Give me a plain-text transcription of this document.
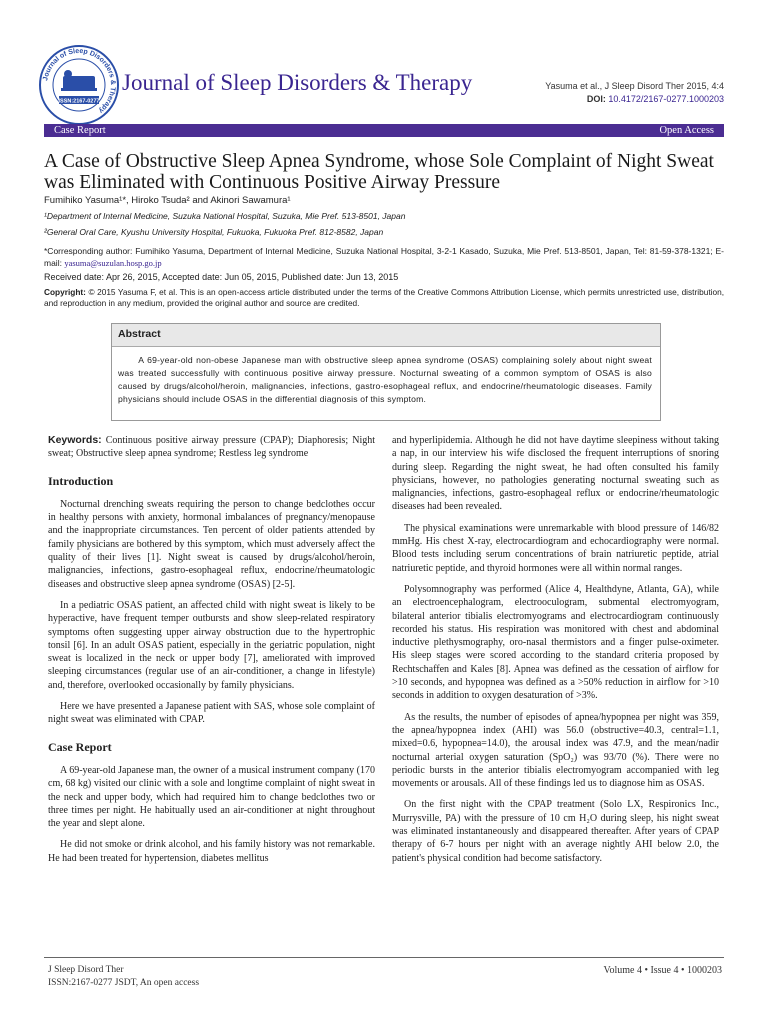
Journal of Sleep Disorders & Therapy
ISSN:2167-0277
Journal of Sleep Disorders & Therapy	Yasuma et al., J Sleep Disord Ther 2015, 4:4
DOI: 10.4172/2167-0277.1000203
Case Report	Open Access
A Case of Obstructive Sleep Apnea Syndrome, whose Sole Complaint of Night Sweat was Eliminated with Continuous Positive Airway Pressure
Fumihiko Yasuma¹*, Hiroko Tsuda² and Akinori Sawamura¹
¹Department of Internal Medicine, Suzuka National Hospital, Suzuka, Mie Pref. 513-8501, Japan
²General Oral Care, Kyushu University Hospital, Fukuoka, Fukuoka Pref. 812-8582, Japan
*Corresponding author: Fumihiko Yasuma, Department of Internal Medicine, Suzuka National Hospital, 3-2-1 Kasado, Suzuka, Mie Pref. 513-8501, Japan, Tel: 81-59-378-1321; E-mail: yasuma@suzulan.hosp.go.jp
Received date: Apr 26, 2015, Accepted date: Jun 05, 2015, Published date: Jun 13, 2015
Copyright: © 2015 Yasuma F, et al. This is an open-access article distributed under the terms of the Creative Commons Attribution License, which permits unrestricted use, distribution, and reproduction in any medium, provided the original author and source are credited.
Abstract
A 69-year-old non-obese Japanese man with obstructive sleep apnea syndrome (OSAS) complaining solely about night sweat was treated successfully with continuous positive airway pressure. Nocturnal sweating of a common symptom of OSAS is also caused by drugs/alcohol/heroin, malignancies, infections, gastro-esophageal reflux, and endocrine/rheumatologic diseases. Family physicians should include OSAS in the differential diagnosis of this symptom.

Keywords: Continuous positive airway pressure (CPAP); Diaphoresis; Night sweat; Obstructive sleep apnea syndrome; Restless leg syndrome

Introduction

Nocturnal drenching sweats requiring the person to change bedclothes occur in healthy persons with anxiety, hormonal imbalances of pregnancy/menopause and the inappropriate circumstances. Ten percent of older patients attended by family physicians are bothered by this symptom, which must adversely affect the quality of their lives [1]. Night sweat is caused by drugs/alcohol/heroin, malignancies, infections, gastro-esophageal reflux, endocrine/rheumatologic diseases and obstructive sleep apnea syndrome (OSAS) [2-5].

In a pediatric OSAS patient, an affected child with night sweat is likely to be hyperactive, have frequent temper outbursts and show sleep-related respiratory symptoms often suggesting upper airway obstruction due to the hypertrophic tonsil [6]. In an adult OSAS patient, especially in the geriatric population, night sweat is localized in the neck or upper body [7], ameliorated with improved sleeping circumstances (regular use of an air-conditioner, a change in lifestyle) and, therefore, overlooked occasionally by family physicians.

Here we have presented a Japanese patient with SAS, whose sole complaint of night sweat was eliminated with CPAP.

Case Report

A 69-year-old Japanese man, the owner of a musical instrument company (170 cm, 68 kg) visited our clinic with a sole and longtime complaint of night sweat in the neck and upper body, which had required him to change bedclothes two or three times per night. He habitually used an air-conditioner at night throughout the year and slept alone.

He did not smoke or drink alcohol, and his family history was not remarkable. He had been treated for hypertension, diabetes mellitus

and hyperlipidemia. Although he did not have daytime sleepiness without taking a nap, in our interview his wife disclosed the frequent interruptions of snoring during sleep. Regarding the night sweat, he had often consulted his family physicians, however, no pathologies generating nocturnal sweating such as malignancies, infections, gastro-esophageal reflux or endocrine/rheumatologic diseases had been revealed.

The physical examinations were unremarkable with blood pressure of 146/82 mmHg. His chest X-ray, electrocardiogram and echocardiography were normal. Blood tests including serum concentrations of brain natriuretic peptide, atrial natriuretic peptide, and thyroid hormones were all within normal ranges.

Polysomnography was performed (Alice 4, Healthdyne, Atlanta, GA), while an electroencephalogram, electrooculogram, submental electromyogram, bilateral anterior tibialis electromyograms and electrocardiogram continuously recorded his status. His respiration was monitored with chest and abdominal inductive plethysmography, oro-nasal thermistors and a finger pulse-oximeter. His sleep stages were scored according to the standard criteria proposed by Rechtschaffen and Kales [8]. Apnea was defined as the cessation of airflow for >10 seconds, and hypopnea was defined as a >50% reduction in airflow for >10 seconds in addition to oxygen desaturation of >3%.

As the results, the number of episodes of apnea/hypopnea per night was 359, the apnea/hypopnea index (AHI) was 56.0 (obstructive=40.3, central=1.1, mixed=0.6, hypopnea=14.0), the arousal index was 47.9, and the mean/nadir nocturnal arterial oxygen saturation (SpO₂) was 93/70 (%). There were no periodic bursts in the anterior tibialis electromyogram accompanied with leg movements or arousals. All of these findings led us to diagnose him as OSAS.

On the first night with the CPAP treatment (Solo LX, Respironics Inc., Murrysville, PA) with the pressure of 10 cm H₂O during sleep, his night sweat was eliminated instantaneously and disappeared thereafter. After years of CPAP therapy of 6-7 hours per night with an average nightly AHI below 2.0, the patient's physical condition had become satisfactory.

J Sleep Disord Ther
ISSN:2167-0277 JSDT, An open access
Volume 4 • Issue 4 • 1000203
